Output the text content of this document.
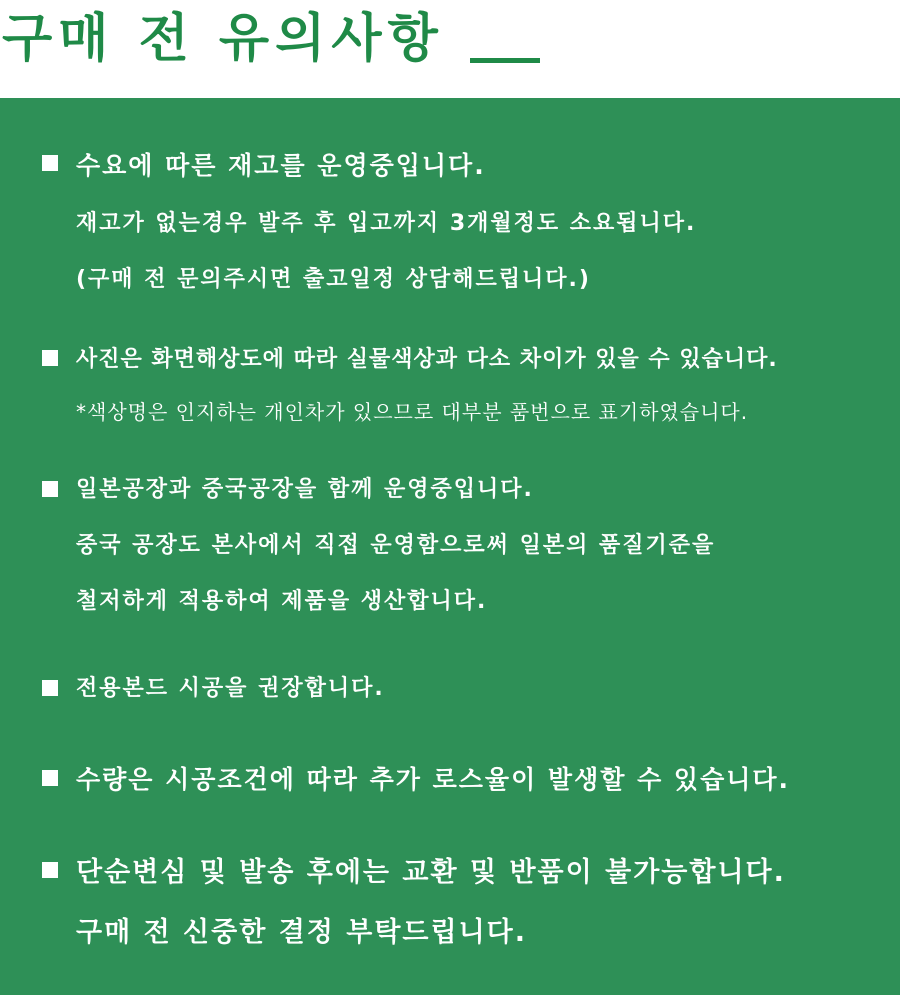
구매 전 유의사항
수요에 따른 재고를 운영중입니다.
재고가 없는경우 발주 후 입고까지 3개월정도 소요됩니다.
(구매 전 문의주시면 출고일정 상담해드립니다.)
사진은 화면해상도에 따라 실물색상과 다소 차이가 있을 수 있습니다.
*색상명은 인지하는 개인차가 있으므로 대부분 품번으로 표기하였습니다.
일본공장과 중국공장을 함께 운영중입니다.
중국 공장도 본사에서 직접 운영함으로써 일본의 품질기준을
철저하게 적용하여 제품을 생산합니다.
전용본드 시공을 권장합니다.
수량은 시공조건에 따라 추가 로스율이 발생할 수 있습니다.
단순변심 및 발송 후에는 교환 및 반품이 불가능합니다.
구매 전 신중한 결정 부탁드립니다.
